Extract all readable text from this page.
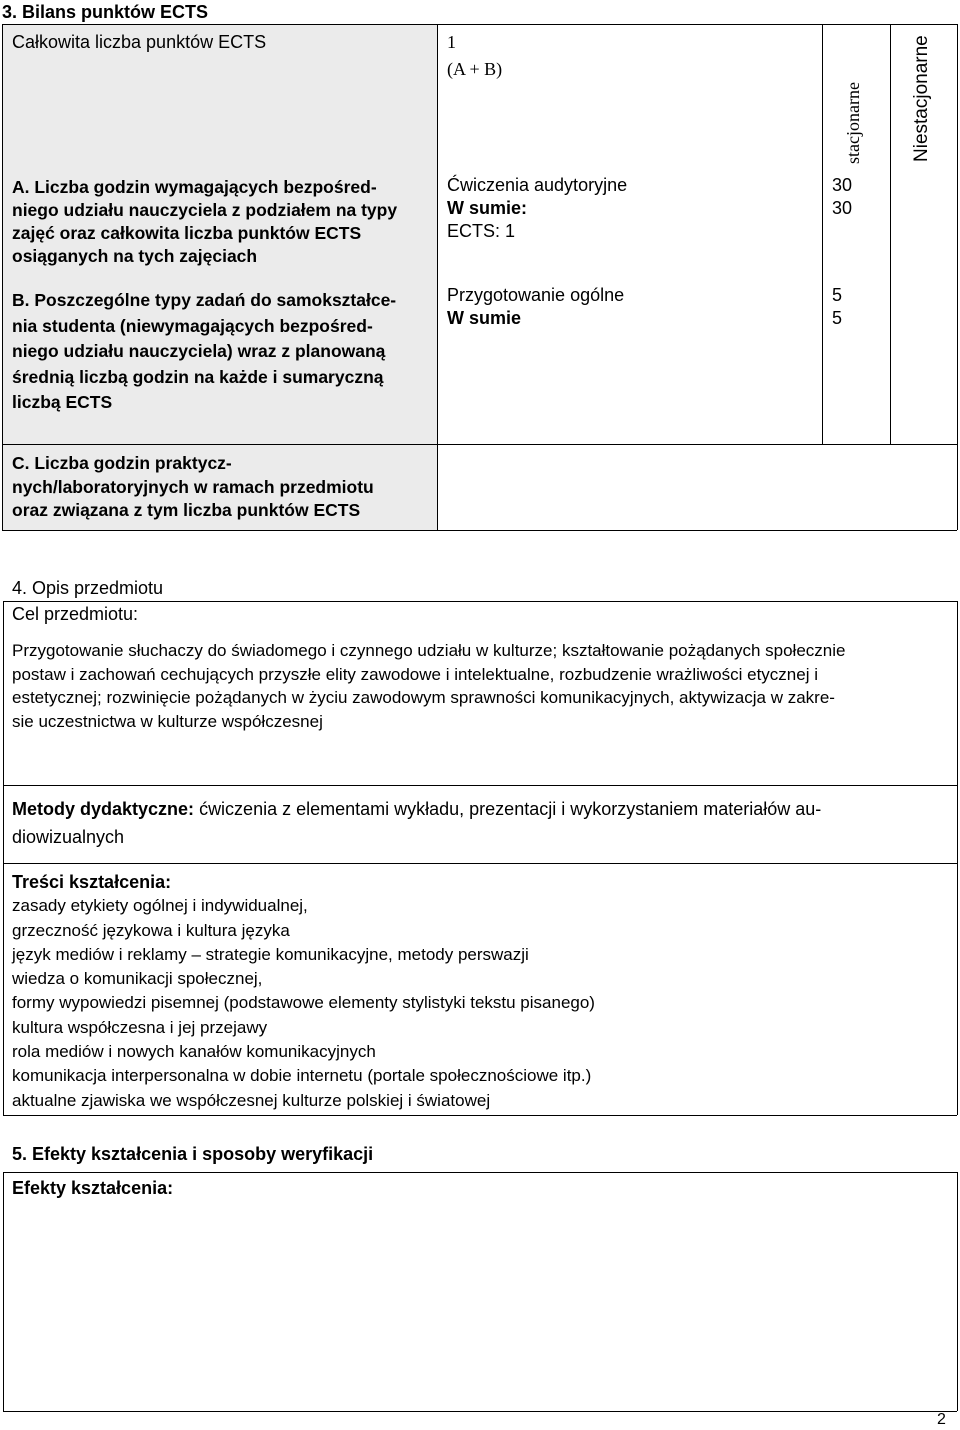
3. Bilans punktów ECTS
Całkowita liczba punktów ECTS	1
(A + B)
stacjonarne	Niestacjonarne
A. Liczba godzin wymagających bezpośred-
niego udziału nauczyciela z podziałem na typy
zajęć oraz całkowita liczba punktów ECTS
osiąganych na tych zajęciach
Ćwiczenia audytoryjne
W sumie:
ECTS: 1
30
30
B. Poszczególne typy zadań do samokształce-
nia studenta (niewymagających bezpośred-
niego udziału nauczyciela) wraz z planowaną
średnią liczbą godzin na każde i sumaryczną
liczbą ECTS
Przygotowanie ogólne
W sumie
5
5
C. Liczba godzin praktycz-
nych/laboratoryjnych w ramach przedmiotu
oraz związana z tym liczba punktów ECTS
4. Opis przedmiotu
Cel przedmiotu:
Przygotowanie słuchaczy do świadomego i czynnego udziału w kulturze; kształtowanie pożądanych społecznie
postaw i zachowań cechujących przyszłe elity zawodowe i intelektualne, rozbudzenie wrażliwości etycznej i
estetycznej; rozwinięcie pożądanych w życiu zawodowym sprawności komunikacyjnych, aktywizacja w zakre-
sie uczestnictwa w kulturze współczesnej
Metody dydaktyczne: ćwiczenia z elementami wykładu, prezentacji i wykorzystaniem materiałów au-
diowizualnych
Treści kształcenia:
zasady etykiety ogólnej i indywidualnej,
grzeczność językowa i kultura języka
język mediów i reklamy – strategie komunikacyjne, metody perswazji
wiedza o komunikacji społecznej,
formy wypowiedzi pisemnej (podstawowe elementy stylistyki tekstu pisanego)
kultura współczesna i jej przejawy
rola mediów i nowych kanałów komunikacyjnych
komunikacja interpersonalna w dobie internetu (portale społecznościowe itp.)
aktualne zjawiska we współczesnej kulturze polskiej i światowej
5. Efekty kształcenia i sposoby weryfikacji
Efekty kształcenia:
2
